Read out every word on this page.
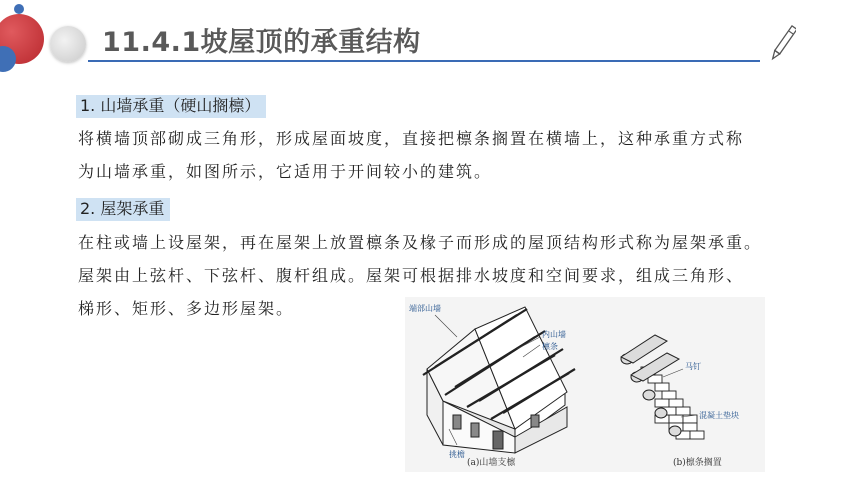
11.4.1坡屋顶的承重结构
1. 山墙承重（硬山搁檩）
将横墙顶部砌成三角形，形成屋面坡度，直接把檩条搁置在横墙上，这种承重方式称
为山墙承重，如图所示，它适用于开间较小的建筑。
2. 屋架承重
在柱或墙上设屋架，再在屋架上放置檩条及椽子而形成的屋顶结构形式称为屋架承重。
屋架由上弦杆、下弦杆、腹杆组成。屋架可根据排水坡度和空间要求，组成三角形、
梯形、矩形、多边形屋架。	端部山墙
内山墙
檩条
挑檐
马钉
混凝土垫块
(a)山墙支檩	(b)檩条搁置
